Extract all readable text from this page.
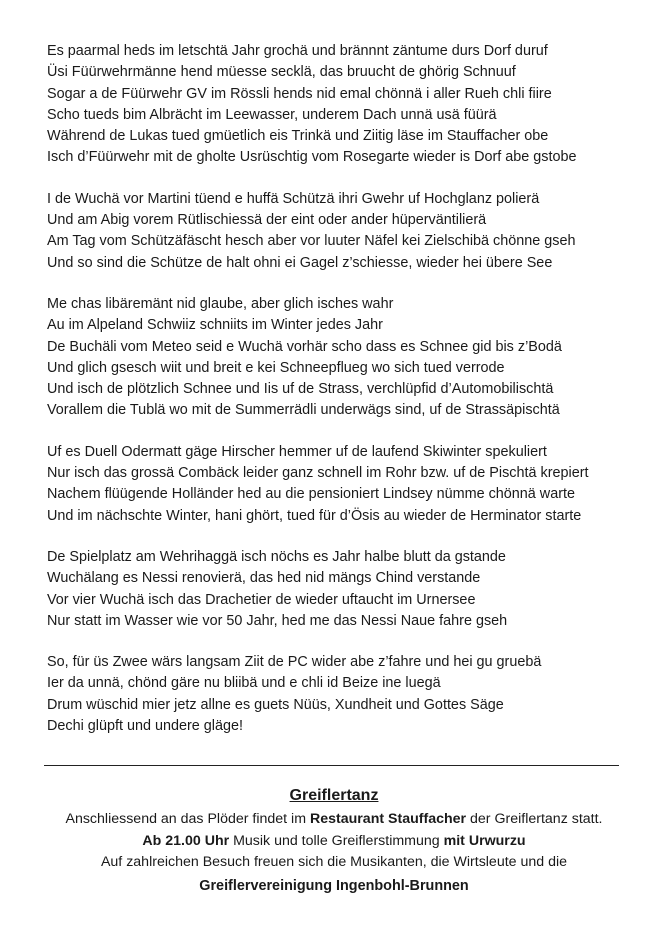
Es paarmal heds im letschtä Jahr grochä und brännnt zäntume durs Dorf duruf
Üsi Füürwehrmänne hend müesse secklä, das bruucht de ghörig Schnuuf
Sogar a de Füürwehr GV im Rössli hends nid emal chönnä i aller Rueh chli fiire
Scho tueds bim Albrächt im Leewasser, underem Dach unnä usä füürä
Während de Lukas tued gmüetlich eis Trinkä und Ziitig läse im Stauffacher obe
Isch d’Füürwehr mit de gholte Usrüschtig vom Rosegarte wieder is Dorf abe gstobe
I de Wuchä vor Martini tüend e huffä Schützä ihri Gwehr uf Hochglanz polierä
Und am Abig vorem Rütlischiessä der eint oder ander hüperväntilierä
Am Tag vom Schützäfäscht hesch aber vor luuter Näfel kei Zielschibä chönne gseh
Und so sind die Schütze de halt ohni ei Gagel z’schiesse, wieder hei übere See
Me chas libäremänt nid glaube, aber glich isches wahr
Au im Alpeland Schwiiz schniits im Winter jedes Jahr
De Buchäli vom Meteo seid e Wuchä vorhär scho dass es Schnee gid bis z’Bodä
Und glich gsesch wiit und breit e kei Schneepflueg wo sich tued verrode
Und isch de plötzlich Schnee und Iis uf de Strass, verchlüpfid d’Automobilischtä
Vorallem die Tublä wo mit de Summerrädli underwägs sind, uf de Strassäpischtä
Uf es Duell Odermatt gäge Hirscher hemmer uf de laufend Skiwinter spekuliert
Nur isch das grossä Combäck leider ganz schnell im Rohr bzw. uf de Pischtä krepiert
Nachem flüügende Holländer hed au die pensioniert Lindsey nümme chönnä warte
Und im nächschte Winter, hani ghört, tued für d’Ösis au wieder de Herminator starte
De Spielplatz am Wehrihaggä isch nöchs es Jahr halbe blutt da gstande
Wuchälang es Nessi renovierä, das hed nid mängs Chind verstande
Vor vier Wuchä isch das Drachetier de wieder uftaucht im Urnersee
Nur statt im Wasser wie vor 50 Jahr, hed me das Nessi Naue fahre gseh
So, für üs Zwee wärs langsam Ziit de PC wider abe z’fahre und hei gu gruebä
Ier da unnä, chönd gäre nu bliibä und e chli id Beize ine luegä
Drum wüschid mier jetz allne es guets Nüüs, Xundheit und Gottes Säge
Dechi glüpft und undere gläge!
Greiflertanz
Anschliessend an das Plöder findet im Restaurant Stauffacher der Greiflertanz statt.
Ab 21.00 Uhr Musik und tolle Greiflerstimmung mit Urwurzu
Auf zahlreichen Besuch freuen sich die Musikanten, die Wirtsleute und die
Greiflervereinigung Ingenbohl-Brunnen
